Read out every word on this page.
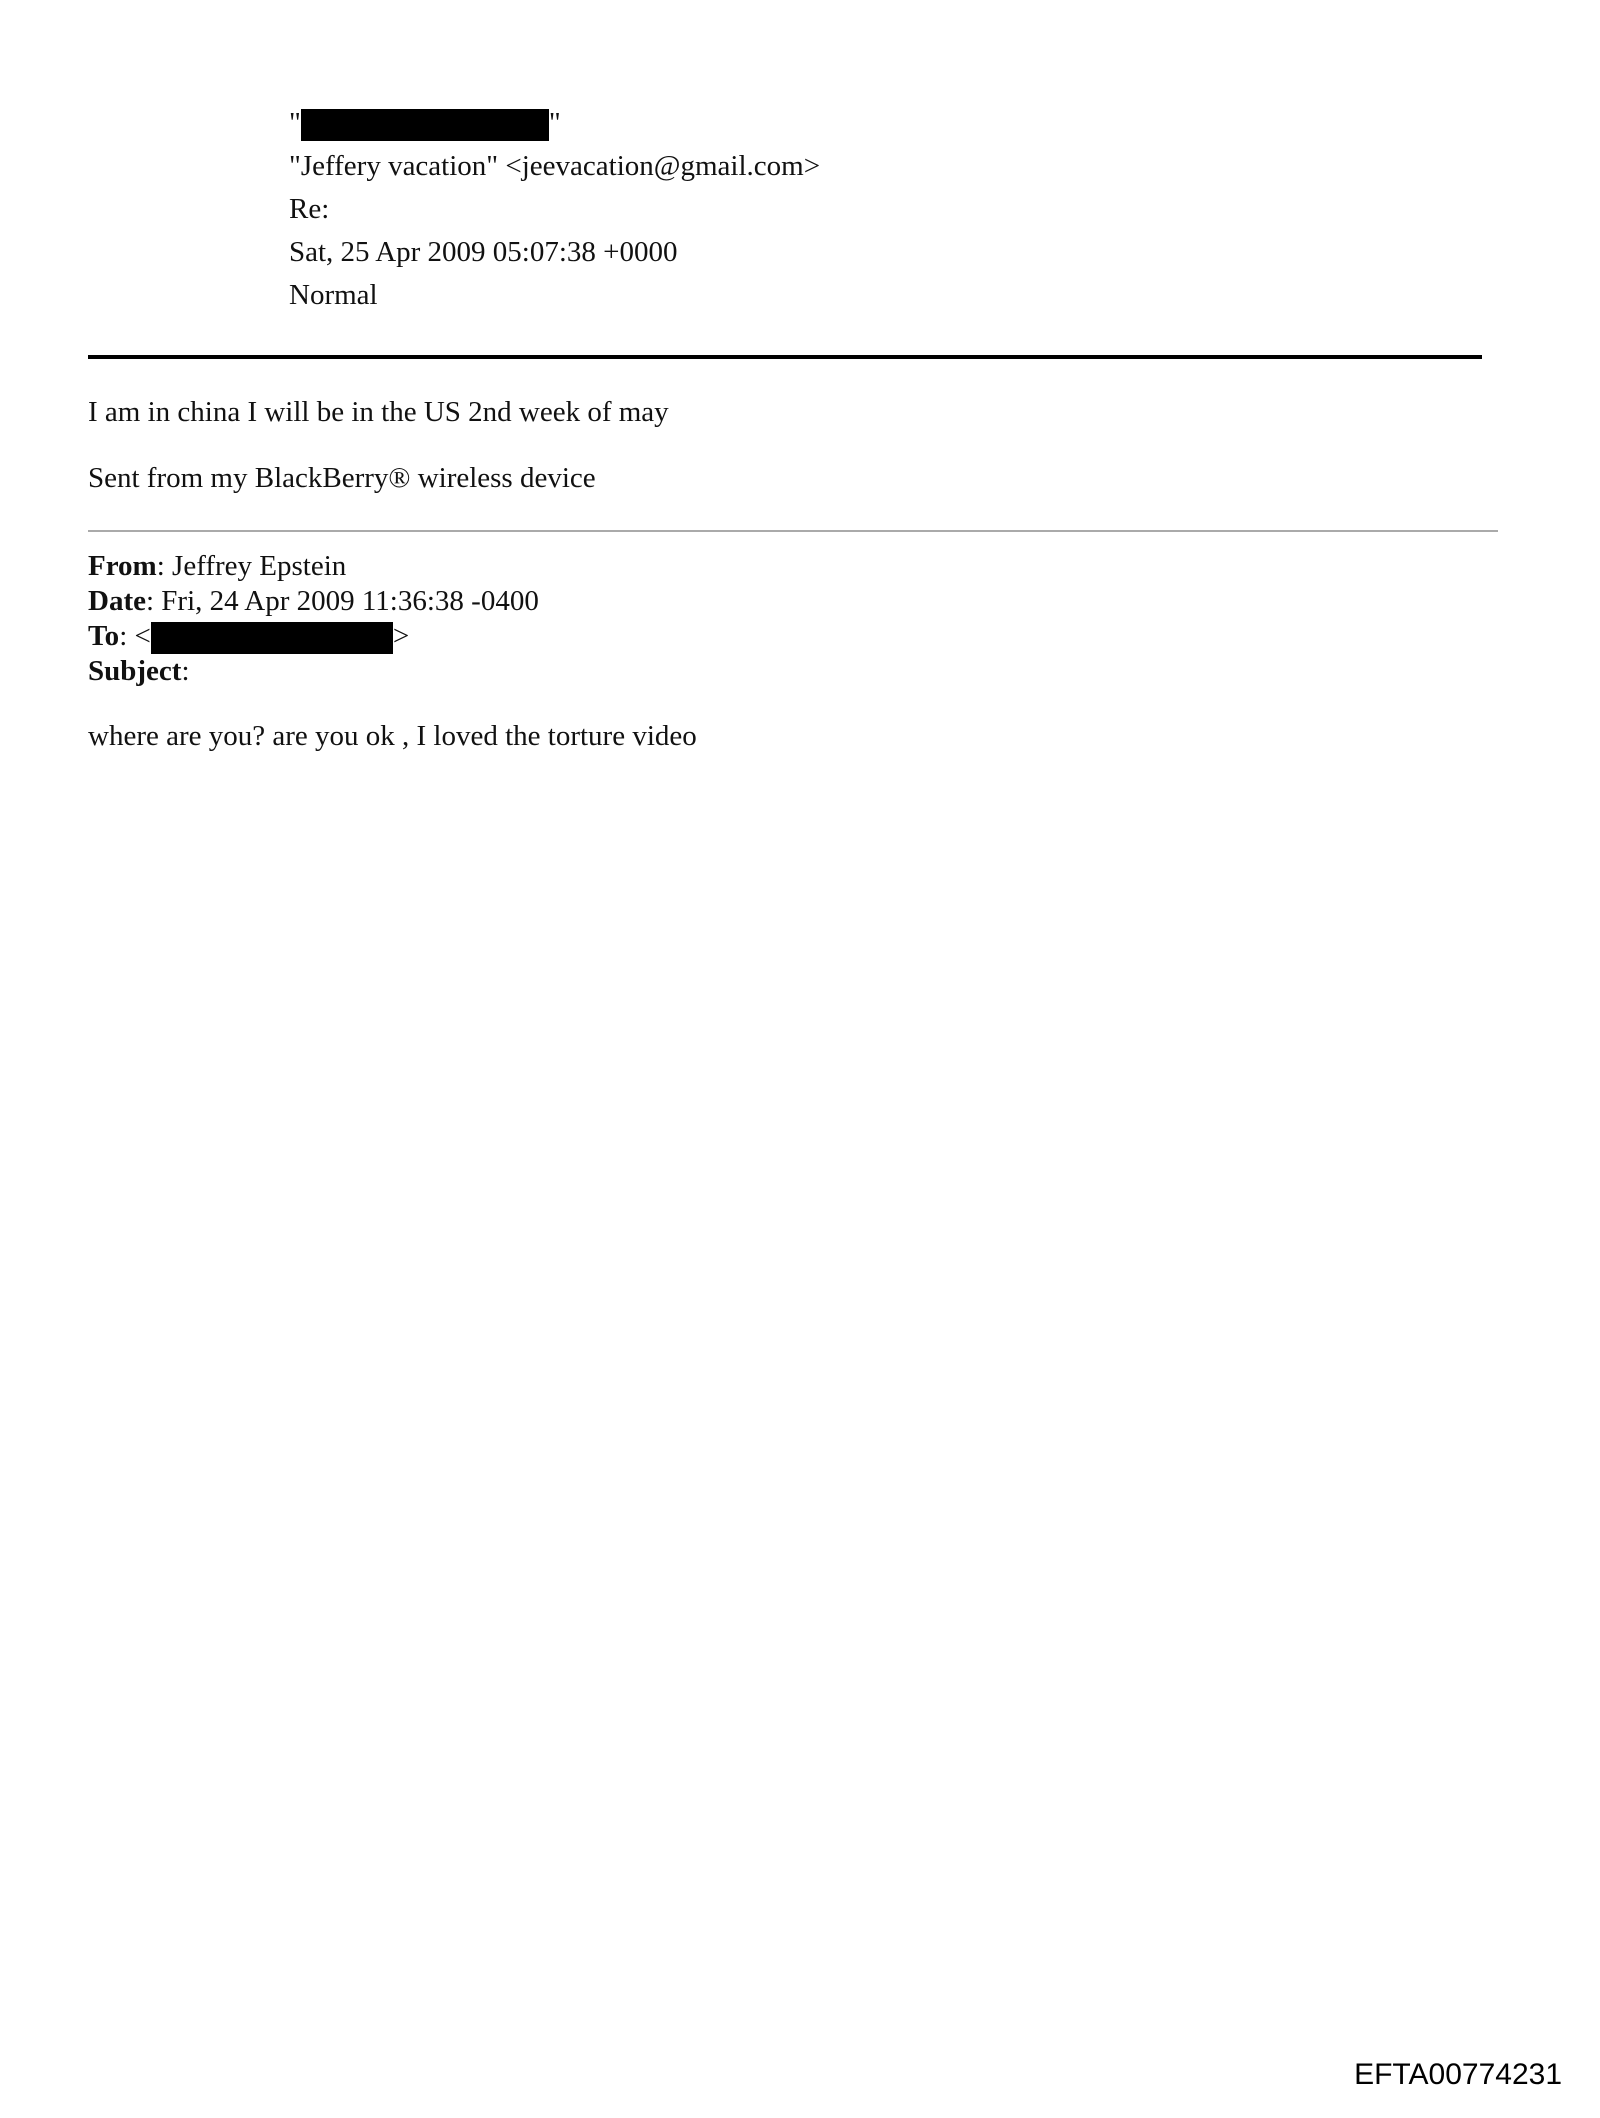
"	"
"Jeffery vacation" <jeevacation@gmail.com>
Re:
Sat, 25 Apr 2009 05:07:38 +0000
Normal
I am in china I will be in the US 2nd week of may
Sent from my BlackBerry® wireless device
From: Jeffrey Epstein
Date: Fri, 24 Apr 2009 11:36:38 -0400
To: <	>
Subject:
where are you? are you ok , I loved the torture video
EFTA00774231
